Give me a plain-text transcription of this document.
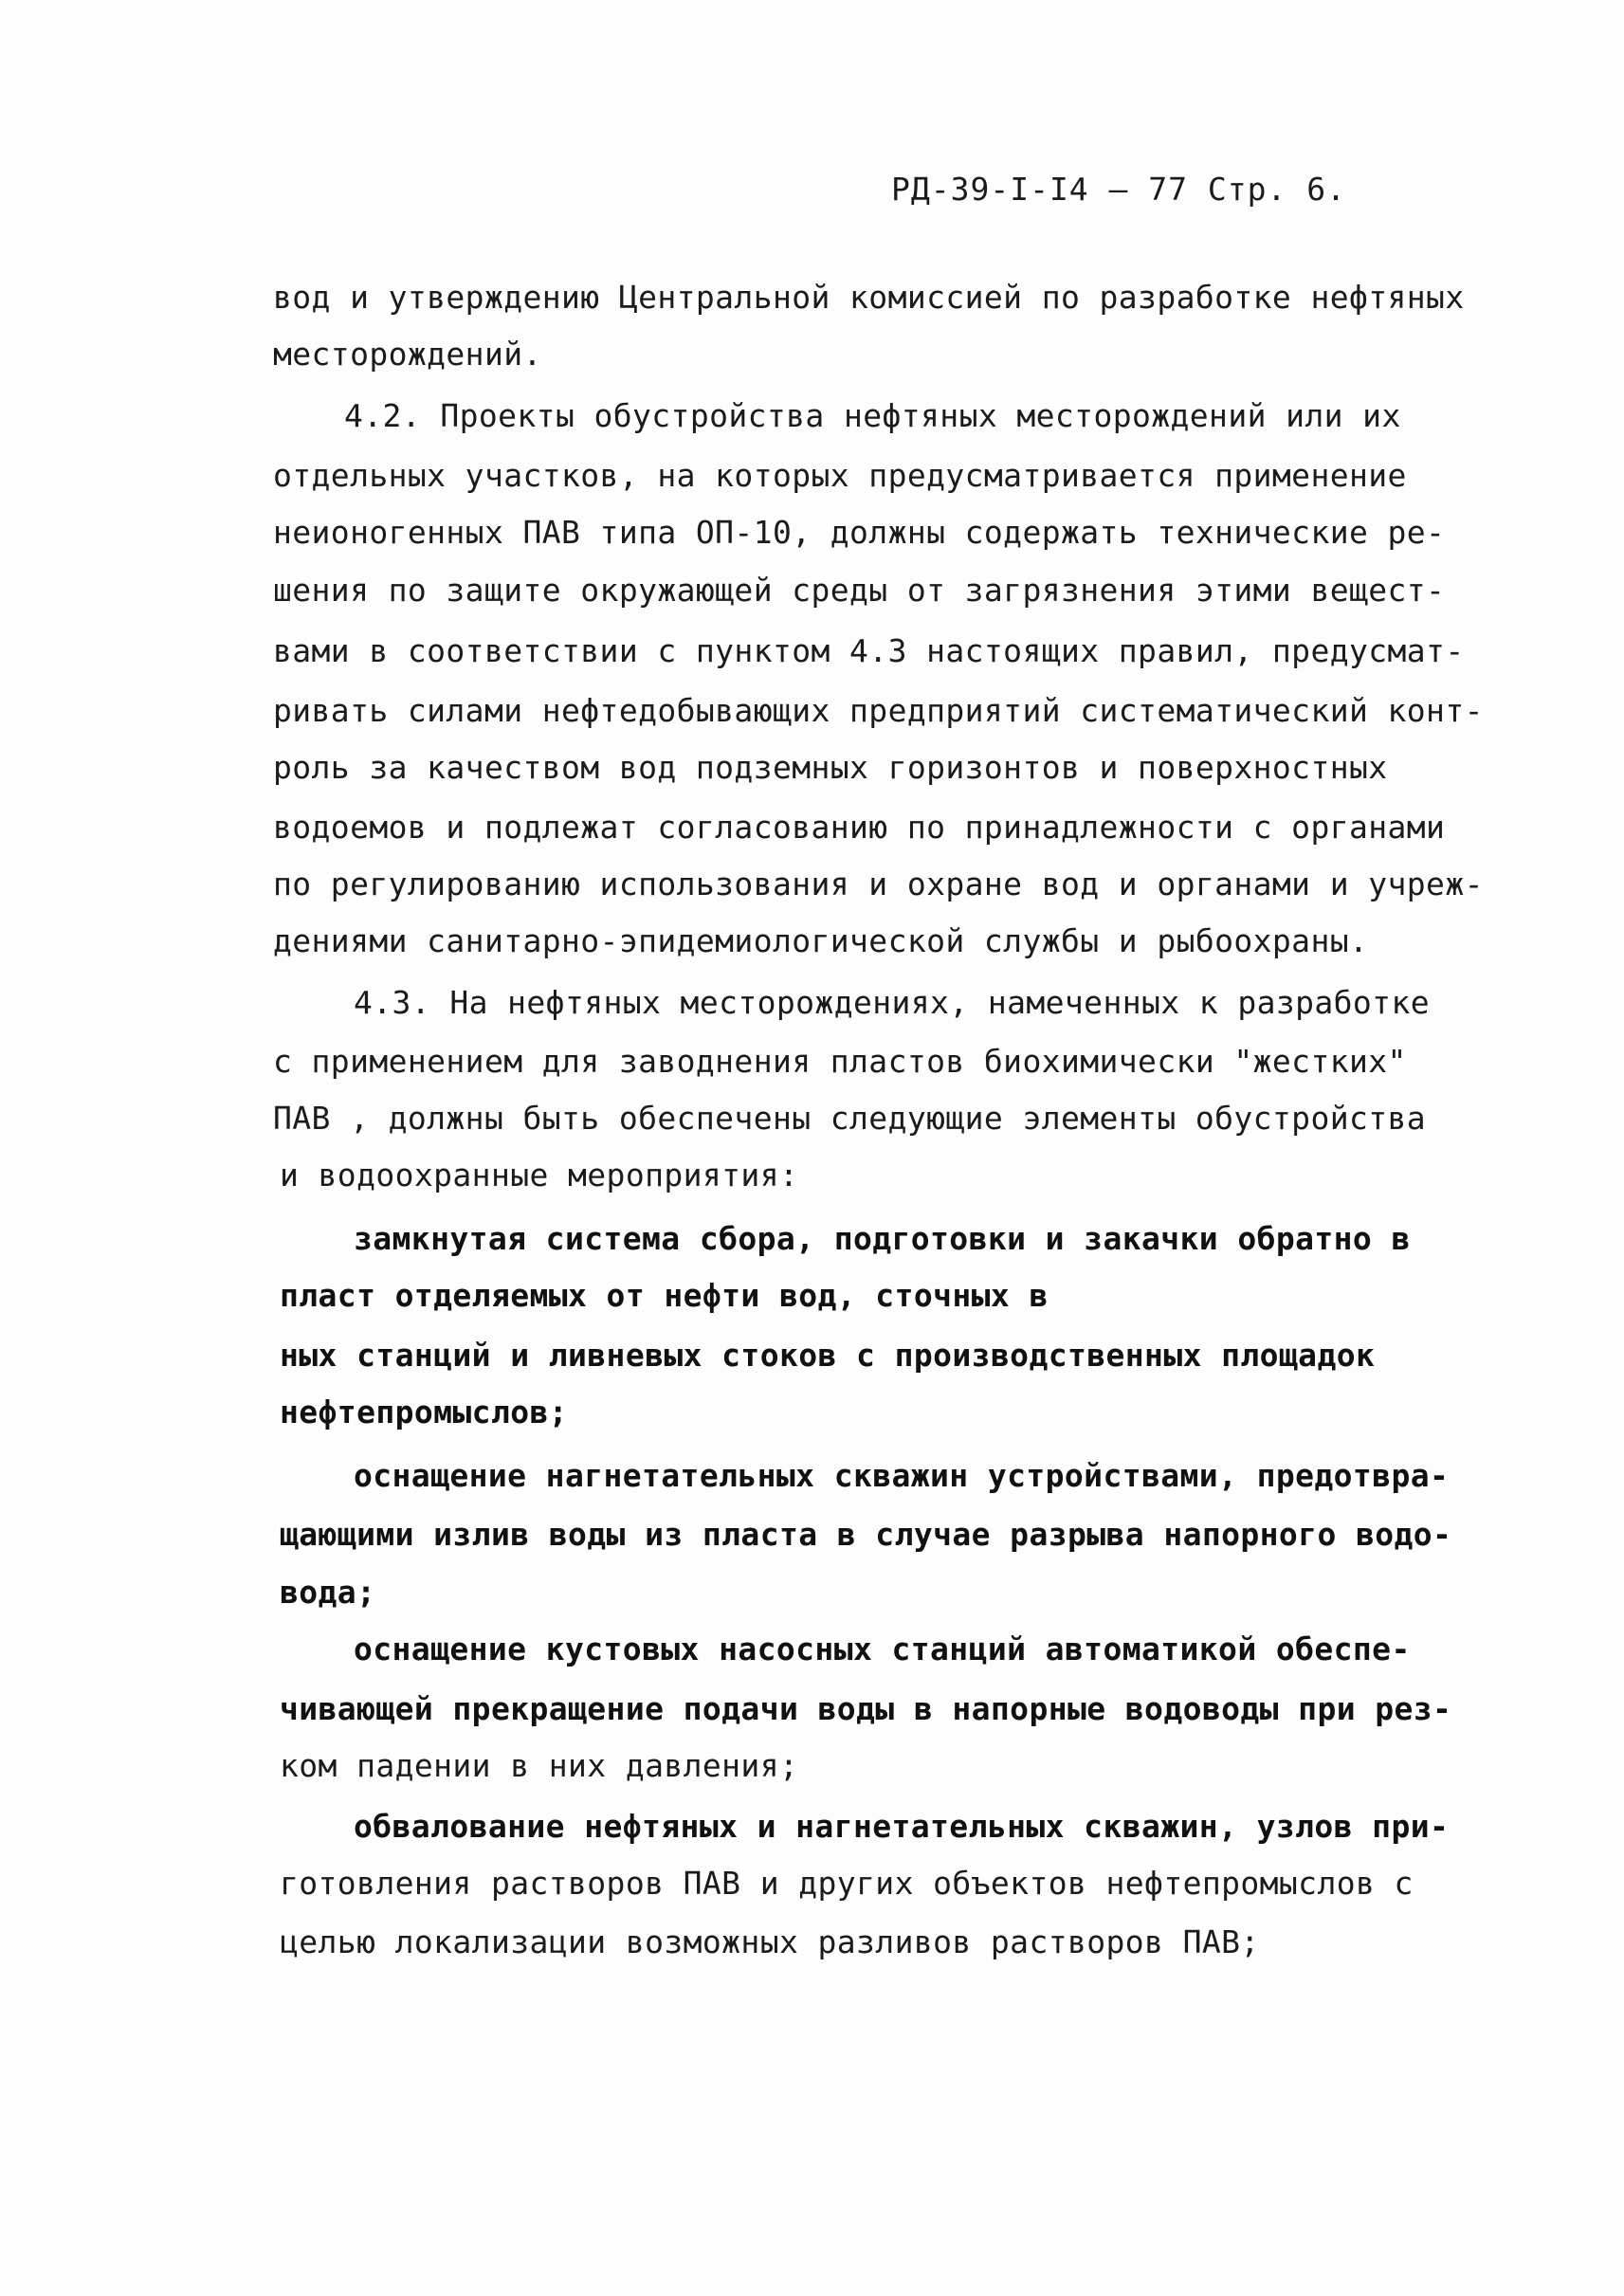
РД-39-I-I4 – 77 Стр. 6.
вод и утверждению Центральной комиссией по разработке нефтяных
месторождений.
4.2. Проекты обустройства нефтяных месторождений или их
отдельных участков, на которых предусматривается применение
неионогенных ПАВ типа ОП-10, должны содержать технические ре-
шения по защите окружающей среды от загрязнения этими вещест-
вами в соответствии с пунктом 4.3 настоящих правил, предусмат-
ривать силами нефтедобывающих предприятий систематический конт-
роль за качеством вод подземных горизонтов и поверхностных
водоемов и подлежат согласованию по принадлежности с органами
по регулированию использования и охране вод и органами и учреж-
дениями санитарно-эпидемиологической службы и рыбоохраны.
4.3. На нефтяных месторождениях, намеченных к разработке
с применением для заводнения пластов биохимически "жестких"
ПАВ , должны быть обеспечены следующие элементы обустройства
и водоохранные мероприятия:
замкнутая система сбора, подготовки и закачки обратно в
пласт отделяемых от нефти вод, сточных в
ных станций и ливневых стоков с производственных площадок
нефтепромыслов;
оснащение нагнетательных скважин устройствами, предотвра-
щающими излив воды из пласта в случае разрыва напорного водо-
вода;
оснащение кустовых насосных станций автоматикой обеспе-
чивающей прекращение подачи воды в напорные водоводы при рез-
ком падении в них давления;
обвалование нефтяных и нагнетательных скважин, узлов при-
готовления растворов ПАВ и других объектов нефтепромыслов с
целью локализации возможных разливов растворов ПАВ;
